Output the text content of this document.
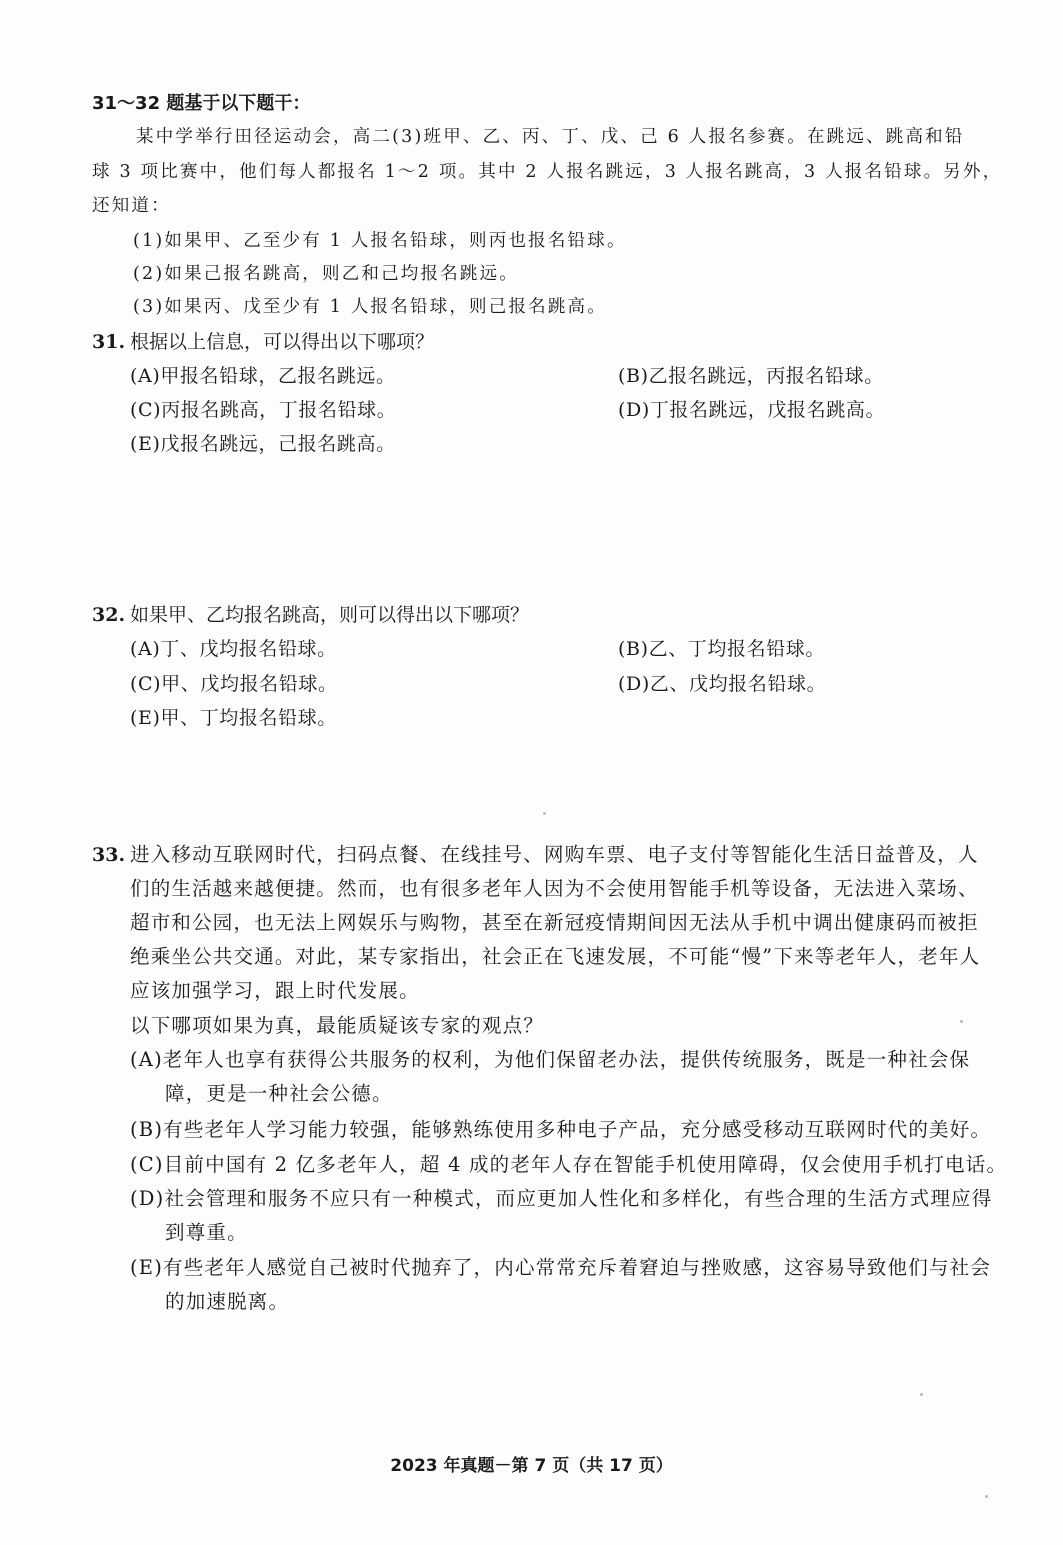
31～32 题基于以下题干：
某中学举行田径运动会，高二(3)班甲、乙、丙、丁、戊、己 6 人报名参赛。在跳远、跳高和铅
球 3 项比赛中，他们每人都报名 1～2 项。其中 2 人报名跳远，3 人报名跳高，3 人报名铅球。另外，
还知道：
(1)如果甲、乙至少有 1 人报名铅球，则丙也报名铅球。
(2)如果己报名跳高，则乙和己均报名跳远。
(3)如果丙、戊至少有 1 人报名铅球，则己报名跳高。
31. 根据以上信息，可以得出以下哪项？
(A)甲报名铅球，乙报名跳远。	(B)乙报名跳远，丙报名铅球。
(C)丙报名跳高，丁报名铅球。	(D)丁报名跳远，戊报名跳高。
(E)戊报名跳远，己报名跳高。
32. 如果甲、乙均报名跳高，则可以得出以下哪项？
(A)丁、戊均报名铅球。	(B)乙、丁均报名铅球。
(C)甲、戊均报名铅球。	(D)乙、戊均报名铅球。
(E)甲、丁均报名铅球。
33. 进入移动互联网时代，扫码点餐、在线挂号、网购车票、电子支付等智能化生活日益普及，人
们的生活越来越便捷。然而，也有很多老年人因为不会使用智能手机等设备，无法进入菜场、
超市和公园，也无法上网娱乐与购物，甚至在新冠疫情期间因无法从手机中调出健康码而被拒
绝乘坐公共交通。对此，某专家指出，社会正在飞速发展，不可能“慢”下来等老年人，老年人
应该加强学习，跟上时代发展。
以下哪项如果为真，最能质疑该专家的观点？
(A)老年人也享有获得公共服务的权利，为他们保留老办法，提供传统服务，既是一种社会保
障，更是一种社会公德。
(B)有些老年人学习能力较强，能够熟练使用多种电子产品，充分感受移动互联网时代的美好。
(C)目前中国有 2 亿多老年人，超 4 成的老年人存在智能手机使用障碍，仅会使用手机打电话。
(D)社会管理和服务不应只有一种模式，而应更加人性化和多样化，有些合理的生活方式理应得
到尊重。
(E)有些老年人感觉自己被时代抛弃了，内心常常充斥着窘迫与挫败感，这容易导致他们与社会
的加速脱离。
2023 年真题－第 7 页（共 17 页）
